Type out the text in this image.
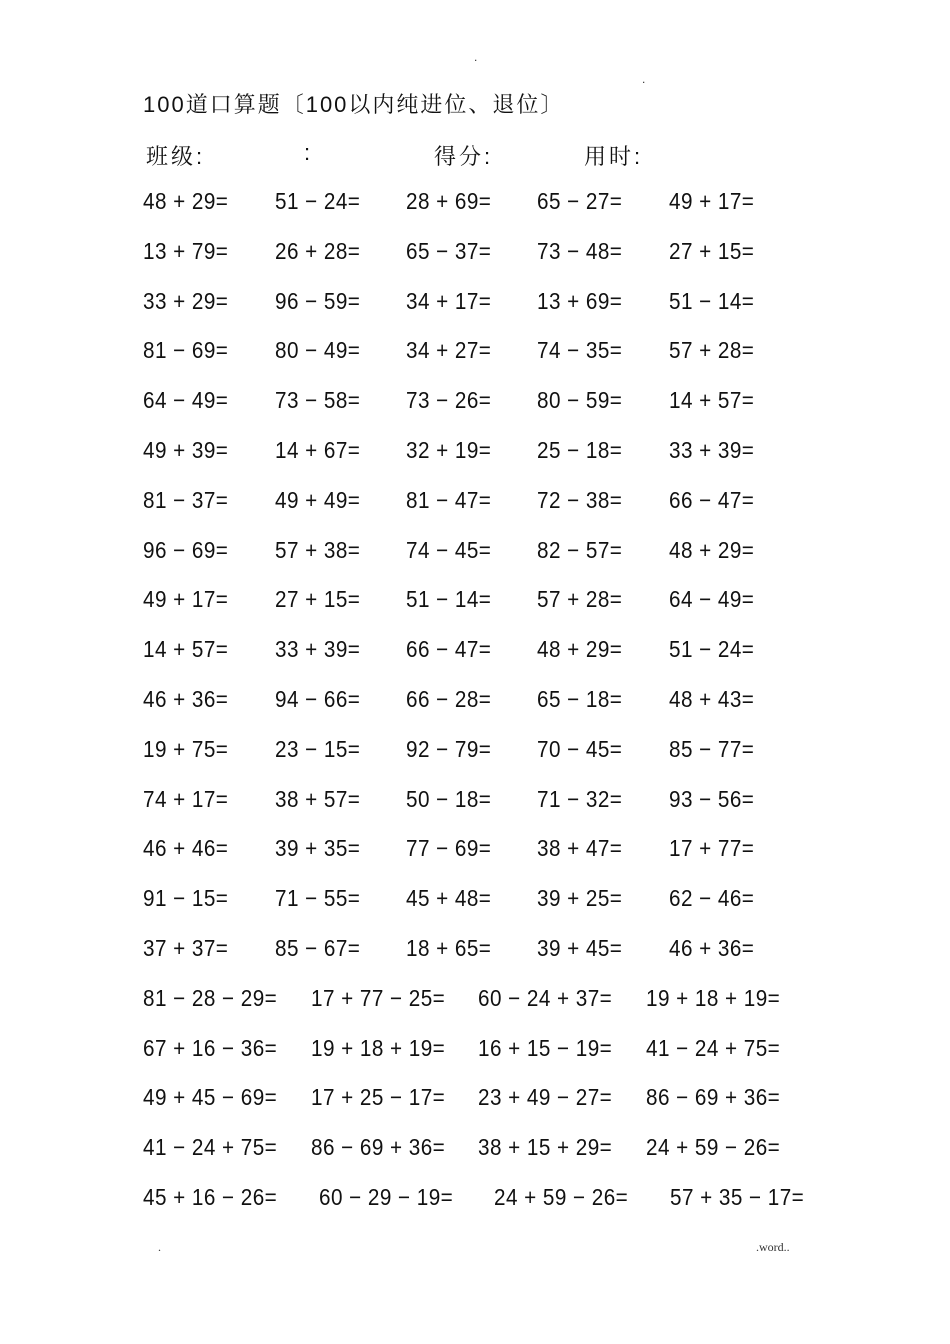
.
.
100道口算题〔100以内纯进位、退位〕
班级:	:	得分:	用时:
48 + 29= 51 − 24= 28 + 69= 65 − 27= 49 + 17=
13 + 79= 26 + 28= 65 − 37= 73 − 48= 27 + 15=
33 + 29= 96 − 59= 34 + 17= 13 + 69= 51 − 14=
81 − 69= 80 − 49= 34 + 27= 74 − 35= 57 + 28=
64 − 49= 73 − 58= 73 − 26= 80 − 59= 14 + 57=
49 + 39= 14 + 67= 32 + 19= 25 − 18= 33 + 39=
81 − 37= 49 + 49= 81 − 47= 72 − 38= 66 − 47=
96 − 69= 57 + 38= 74 − 45= 82 − 57= 48 + 29=
49 + 17= 27 + 15= 51 − 14= 57 + 28= 64 − 49=
14 + 57= 33 + 39= 66 − 47= 48 + 29= 51 − 24=
46 + 36= 94 − 66= 66 − 28= 65 − 18= 48 + 43=
19 + 75= 23 − 15= 92 − 79= 70 − 45= 85 − 77=
74 + 17= 38 + 57= 50 − 18= 71 − 32= 93 − 56=
46 + 46= 39 + 35= 77 − 69= 38 + 47= 17 + 77=
91 − 15= 71 − 55= 45 + 48= 39 + 25= 62 − 46=
37 + 37= 85 − 67= 18 + 65= 39 + 45= 46 + 36=
81 − 28 − 29= 17 + 77 − 25= 60 − 24 + 37= 19 + 18 + 19=
67 + 16 − 36= 19 + 18 + 19= 16 + 15 − 19= 41 − 24 + 75=
49 + 45 − 69= 17 + 25 − 17= 23 + 49 − 27= 86 − 69 + 36=
41 − 24 + 75= 86 − 69 + 36= 38 + 15 + 29= 24 + 59 − 26=
45 + 16 − 26= 60 − 29 − 19= 24 + 59 − 26= 57 + 35 − 17=
.	.word..
